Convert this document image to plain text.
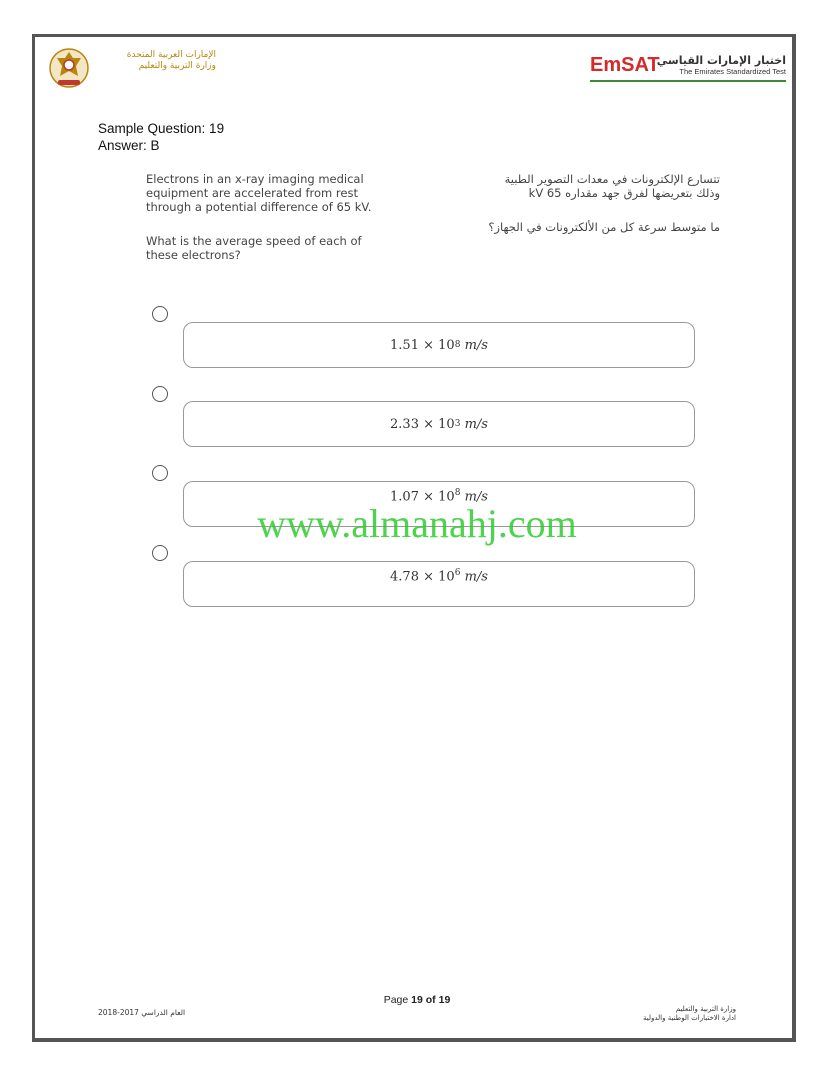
الإمارات العربية المتحدة
وزارة التربية والتعليم	EmSAT
اختبار الإمارات القياسي
The Emirates Standardized Test
Sample Question: 19
Answer: B

Electrons in an x-ray imaging medical equipment are accelerated from rest through a potential difference of 65 kV.

What is the average speed of each of these electrons?

تتسارع الإلكترونات في معدات التصوير الطبية

وذلك بتعريضها لفرق جهد مقداره 65 kV

ما متوسط سرعة كل من الألكترونات في الجهاز؟

1.51 × 10 8
m/s
2.33 × 10 3
m/s
$1.07 \times 10^8$ m/s
$4.78 \times 10^6$ m/s
www.almanahj.com
Page 19 of 19
العام الدراسي 2017-2018	وزارة التربية والتعليم
ادارة الاختبارات الوطنية والدولية
